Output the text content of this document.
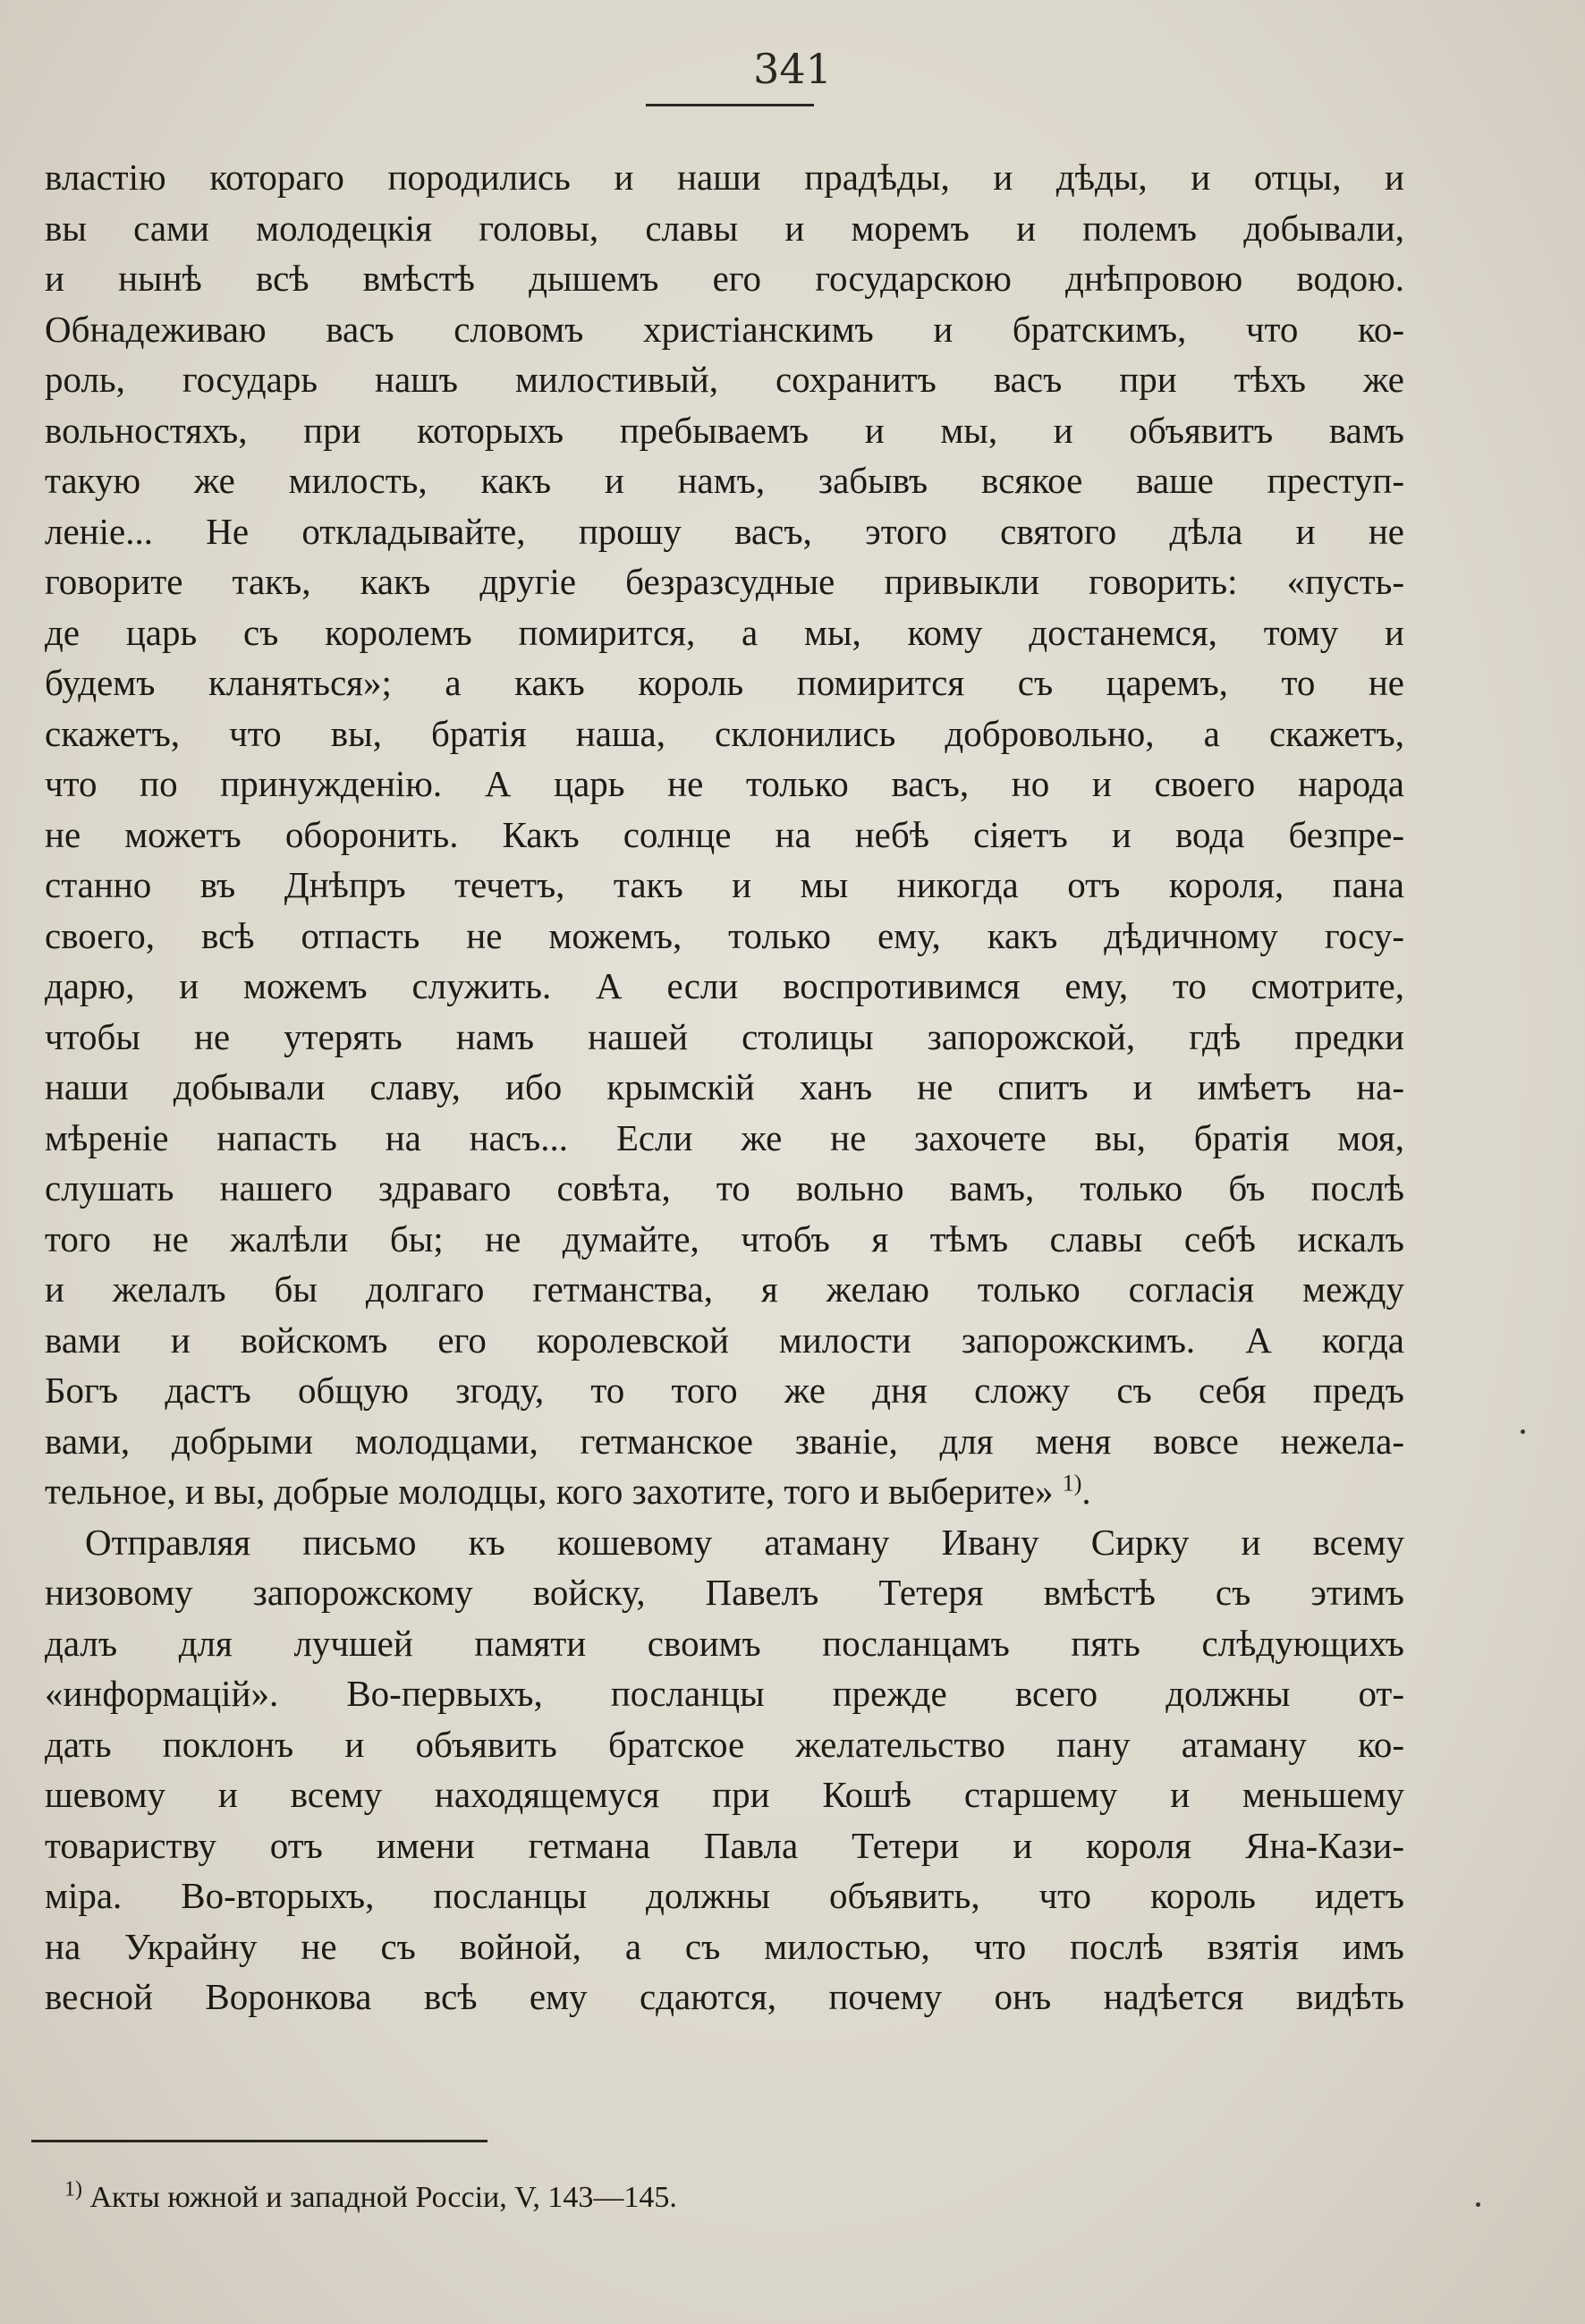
341
властію котораго породились и наши прадѣды, и дѣды, и отцы, и
вы сами молодецкія головы, славы и моремъ и полемъ добывали,
и нынѣ всѣ вмѣстѣ дышемъ его государскою днѣпровою водою.
Обнадеживаю васъ словомъ христіанскимъ и братскимъ, что ко-
роль, государь нашъ милостивый, сохранитъ васъ при тѣхъ же
вольностяхъ, при которыхъ пребываемъ и мы, и объявитъ вамъ
такую же милость, какъ и намъ, забывъ всякое ваше преступ-
леніе... Не откладывайте, прошу васъ, этого святого дѣла и не
говорите такъ, какъ другіе безразсудные привыкли говорить: «пусть-
де царь съ королемъ помирится, а мы, кому достанемся, тому и
будемъ кланяться»; а какъ король помирится съ царемъ, то не
скажетъ, что вы, братія наша, склонились добровольно, а скажетъ,
что по принужденію. А царь не только васъ, но и своего народа
не можетъ оборонить. Какъ солнце на небѣ сіяетъ и вода безпре-
станно въ Днѣпръ течетъ, такъ и мы никогда отъ короля, пана
своего, всѣ отпасть не можемъ, только ему, какъ дѣдичному госу-
дарю, и можемъ служить. А если воспротивимся ему, то смотрите,
чтобы не утерять намъ нашей столицы запорожской, гдѣ предки
наши добывали славу, ибо крымскій ханъ не спитъ и имѣетъ на-
мѣреніе напасть на насъ... Если же не захочете вы, братія моя,
слушать нашего здраваго совѣта, то вольно вамъ, только бъ послѣ
того не жалѣли бы; не думайте, чтобъ я тѣмъ славы себѣ искалъ
и желалъ бы долгаго гетманства, я желаю только согласія между
вами и войскомъ его королевской милости запорожскимъ. А когда
Богъ дастъ общую згоду, то того же дня сложу съ себя предъ
вами, добрыми молодцами, гетманское званіе, для меня вовсе нежела-
тельное, и вы, добрые молодцы, кого захотите, того и выберите» $^{1)}$.
Отправляя письмо къ кошевому атаману Ивану Сирку и всему
низовому запорожскому войску, Павелъ Тетеря вмѣстѣ съ этимъ
далъ для лучшей памяти своимъ посланцамъ пять слѣдующихъ
«информацій». Во-первыхъ, посланцы прежде всего должны от-
дать поклонъ и объявить братское желательство пану атаману ко-
шевому и всему находящемуся при Кошѣ старшему и меньшему
товариству отъ имени гетмана Павла Тетери и короля Яна-Кази-
міра. Во-вторыхъ, посланцы должны объявить, что король идетъ
на Украйну не съ войной, а съ милостью, что послѣ взятія имъ
весной Воронкова всѣ ему сдаются, почему онъ надѣется видѣть
$^{1)}$ Акты южной и западной Россіи, V, 143—145.
